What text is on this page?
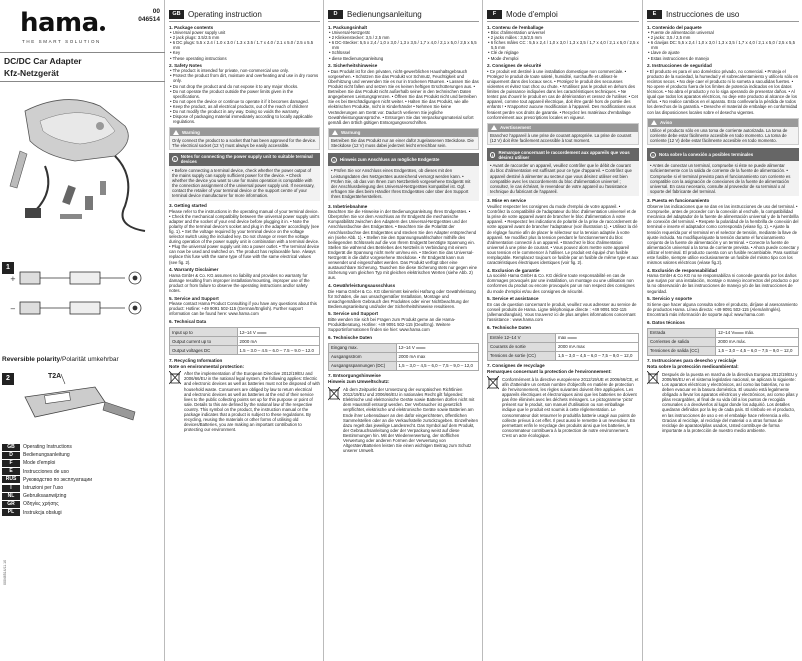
hama
THE SMART SOLUTION
00
046514
DC/DC Car Adapter
Kfz-Netzgerät
1
+
−
Reversible polarity/Polarität umkehrbar
2	T2A
GB	Operating Instructions
D	Bedienungsanleitung
F	Mode d'emploi
E	Instrucciones de uso
RUS	Руководство по эксплуатации
I	Istruzioni per l'uso
NL	Gebruiksaanwijzing
GR	Οδηγίες χρήσης
PL	Instrukcja obsługi
00046514/11.10
GB Operating instruction
1. Package contents
• Universal power supply unit
• 2 jack plugs: 3.5/2.5 mm
• 6 DC plugs: 5.5 x 2.4 / 1.0 x 3.0 / 1.3 x 3.5 / 1.7 x 4.0 / 2.1 x 5.0 / 2.5 x 5.5 mm
• Key
• These operating instructions
2. Safety Notes
• The product is intended for private, non-commercial use only.
• Protect the product from dirt, moisture and overheating and use in dry rooms only.
• Do not drop the product and do not expose it to any major shocks.
• Do not operate the product outside the power limits given in the specifications.
• Do not open the device or continue to operate it if it becomes damaged.
• Keep the product, as all electrical products, out of the reach of children!
• Do not modify the product in any way. Doing so voids the warranty.
• Dispose of packaging material immediately according to locally applicable regulations.
Warning
Only connect the product to a socket that has been approved for the device. The electrical socket (12 V) must always be easily accessible.
i
Notes for connecting the power supply unit to suitable terminal devices
• Before connecting a terminal device, check whether the power output of the mains supply can supply sufficient power for the device. • Check whether the device you want to use for mains operation is compatible with the connection assignment of the universal power supply unit. If necessary, contact the retailer of your terminal device or the support centre of your terminal device manufacturer for more information.
3. Getting started
Please refer to the instructions in the operating manual of your terminal device. • Check the mechanical compatibility between the universal power supply unit's adapter and the socket of your end device before plugging it in. • Note the polarity of the terminal device's socket and plug in the adapter accordingly (see fig. 1). • Set the voltage required by your terminal device on the voltage selector switch using the included key. Do not change or reset the voltage during operation of the power supply unit in combination with a terminal device. • Plug the universal power supply unit into a power outlet. • The terminal device can now be used and switched on. The product has replaceable fuse. Always replace this fuse with the same type of fuse with the same electrical values (see fig. 2).
4. Warranty Disclaimer
Hama GmbH & Co. KG assumes no liability and provides no warranty for damage resulting from improper installation/mounting, improper use of the product or from failure to observe the operating instructions and/or safety notes.
5. Service and Support
Please contact Hama Product Consulting if you have any questions about this product: Hotline: +49 9091 502-115 (German/English). Further support information can be found here: www.hama.com
6. Technical Data
Input up to	12–14 V ═══
Output current up to	2000 mA
Output voltages DC	1.5 – 3.0 – 4.5 – 6.0 – 7.5 – 9.0 – 12.0
7. Recycling Information
Note on environmental protection:
After the implementation of the European Directive 2012/19/EU and 2006/66/EU in the national legal system, the following applies: Electric and electronic devices as well as batteries must not be disposed of with household waste. Consumers are obliged by law to return electrical and electronic devices as well as batteries at the end of their service lives to the public collecting points set up for this purpose or point of sale. Details to this are defined by the national law of the respective country. This symbol on the product, the instruction manual or the package indicates that a product is subject to these regulations. By recycling, reusing the materials or other forms of utilising old devices/Batteries, you are making an important contribution to protecting our environment.
D	Bedienungsanleitung
1. Packungsinhalt
• Universal-Netzgerät
• 2 Klinkenstecker: 3,5 / 2,5 mm
• 6 DC-Stecker: 5,5 x 2,4 / 1,0 x 3,0 / 1,3 x 3,5 / 1,7 x 4,0 / 2,1 x 5,0 / 2,5 x 5,5 mm
• Schlüssel
• diese Bedienungsanleitung
2. Sicherheitshinweise
• Das Produkt ist für den privaten, nicht-gewerblichen Haushaltsgebrauch vorgesehen. • Schützen Sie das Produkt vor Schmutz, Feuchtigkeit und Überhitzung und verwenden Sie es nur in trockenen Räumen. • Lassen Sie das Produkt nicht fallen und setzen Sie es keinen heftigen Erschütterungen aus. • Betreiben Sie das Produkt nicht außerhalb seiner in den technischen Daten angegebenen Leistungsgrenzen. • Öffnen Sie das Produkt nicht und betreiben Sie es bei Beschädigungen nicht weiter. • Halten Sie das Produkt, wie alle elektrischen Produkte, nicht in Kinderhände! • Nehmen Sie keine Veränderungen am Gerät vor. Dadurch verlieren Sie jegliche Gewährleistungsansprüche. • Entsorgen Sie das Verpackungsmaterial sofort gemäß den örtlich gültigen Entsorgungsvorschriften.
Warnung
Betreiben Sie das Produkt nur an einer dafür zugelassenen Steckdose. Die Steckdose (12 V) muss dabei jederzeit leicht erreichbar sein.
i	Hinweis zum Anschluss an mögliche Endgeräte
• Prüfen Sie vor Anschluss eines Endgerätes, ob dieses mit den Leistungsdaten des Netzgerätes ausreichend versorgt werden kann. • Prüfen Sie, ob das von Ihnen zum Netzbetrieb vorgesehene Endgerät mit der Anschlussbelegung des Universal-Netzgerätes kompatibel ist. Ggf. erfragen Sie dies beim Händler Ihres Endgerätes oder über den Support Ihres Endgeräteherstellers.
3. Inbetriebnahme
Beachten Sie die Hinweise in der Bedienungsanleitung Ihres Endgerätes. • Überprüfen Sie vor dem Anschluss an Ihr Endgerät die mechanische Kompatibilität zwischen den Adaptern des Universal-Netzgerätes und der Anschlussbuchse des Endgerätes. • Beachten Sie die Polarität der Anschlussbuchse des Endgerätes und stecken Sie den Adapter entsprechend ein (siehe Abb. 1). • Stellen Sie den Spannungswahlschalter mithilfe des beiliegenden Schlüssels auf die von Ihrem Endgerät benötigte Spannung ein. Stellen Sie während des Betriebes des Netzteils in Verbindung mit einem Endgerät die Spannung nicht mehr um/neu ein. • Stecken Sie das Universal-Netzgerät in die dafür vorgesehene Steckdose. • Ihr Endgerät kann nun verwendet und eingeschaltet werden. Das Produkt verfügt über eine austauschbare Sicherung. Tauschen Sie diese Sicherung stets nur gegen eine Sicherung vom gleichen Typ mit gleichen elektrischen Werten (siehe Abb. 2) aus.
4. Gewährleistungsausschluss
Die Hama GmbH & Co. KG übernimmt keinerlei Haftung oder Gewährleistung für Schäden, die aus unsachgemäßer Installation, Montage und unsachgemäßem Gebrauch des Produktes oder einer Nichtbeachtung der Bedienungsanleitung und/oder der Sicherheitshinweise resultieren.
5. Service und Support
Bitte wenden Sie sich bei Fragen zum Produkt gerne an die Hama-Produktberatung. Hotline: +49 9091 502-115 (Deu/Eng). Weitere Supportinformationen finden sie hier: www.hama.com
6. Technische Daten
Eingang max.	12–14 V ═══
Ausgangsstrom	2000 mA max
Ausgangsspannungen (DC)	1,5 – 3,0 – 4,5 – 6,0 – 7,5 – 9,0 – 12,0
7. Entsorgungshinweise
Hinweis zum Umweltschutz:
Ab dem Zeitpunkt der Umsetzung der europäischen Richtlinien 2012/19/EU und 2006/66/EU in nationales Recht gilt folgendes: Elektrische und elektronische Geräte sowie Batterien dürfen nicht mit dem Hausmüll entsorgt werden. Der Verbraucher ist gesetzlich verpflichtet, elektrische und elektronische Geräte sowie Batterien am Ende ihrer Lebensdauer an den dafür eingerichteten, öffentlichen Sammelstellen oder an die Verkaufsstelle zurückzugeben. Einzelheiten dazu regelt das jeweilige Landesrecht. Das Symbol auf dem Produkt, der Gebrauchsanleitung oder der Verpackung weist auf diese Bestimmungen hin. Mit der Wiederverwertung, der stofflichen Verwertung oder anderen Formen der Verwertung von Altgeräten/Batterien leisten Sie einen wichtigen Beitrag zum Schutz unserer Umwelt.
F	Mode d'emploi
1. Contenu de l'emballage
• Bloc d'alimentation universel
• 2 jacks mâles : 3,5/2,5 mm
• 6 fiches mâles CC : 5,5 x 2,4 / 1,0 x 3,0 / 1,3 x 3,5 / 1,7 x 4,0 / 2,1 x 5,0 / 2,5 x 5,5 mm
• Clé de réglage
• Mode d'emploi
2. Consignes de sécurité
• Ce produit est destiné à une installation domestique non commerciale. • Protégez le produit de toute saleté, humidité, surchauffe et utilisez-le uniquement dans des locaux secs. • Protégez le produit des secousses violentes et évitez tout choc ou chute. • N'utilisez pas le produit en dehors des limites de puissance indiquées dans les caractéristiques techniques. • Ne tentez pas d'ouvrir le produit en cas de détérioration et cessez de l'utiliser. • Cet appareil, comme tout appareil électrique, doit être gardé hors de portée des enfants ! • N'apportez aucune modification à l'appareil. Des modifications vous feraient perdre vos droits de garantie. • Recyclez les matériaux d'emballage conformément aux prescriptions locales en vigueur.
Avertissement
Branchez l'appareil à une prise de courant appropriée. La prise de courant (12 V) doit être facilement accessible à tout moment.
i
Remarque concernant le raccordement aux appareils que vous désirez utiliser
• Avant de raccorder un appareil, veuillez contrôler que le débit de courant du bloc d'alimentation est suffisant pour ce type d'appareil. • Contrôlez que appareil destiné à alimenter au secteur que vous désirez utiliser est bien compatible avec les raccordements du bloc d'alimentation universel ; consultez, le cas échéant, le revendeur de votre appareil ou l'assistance technique du fabricant de l'appareil.
3. Mise en service
Veuillez respecter les consignes du mode d'emploi de votre appareil. • Contrôlez la compatibilité de l'adaptateur du bloc d'alimentation universel et de la prise de votre appareil avant de brancher le bloc d'alimentation à votre appareil. • Respectez les indications de polarité de la prise de raccordement de votre appareil avant de brancher l'adaptateur (voir illustration 1). • Utilisez la clé de réglage fournie afin de placer le sélecteur sur la tension adaptée à votre appareil. Ne modifiez plus la tension pendant le fonctionnement du bloc d'alimentation connecté à un appareil. • Branchez le bloc d'alimentation universel à une prise de courant. • Vous pouvez alors mettre votre appareil sous tension et le commencer à l'utiliser. Le produit est équipé d'un fusible remplaçable. Remplacez toujours ce fusible par un fusible de même type et aux caractéristiques électriques identiques (voir fig. 2).
4. Exclusion de garantie
La société Hama GmbH & Co. KG décline toute responsabilité en cas de dommages provoqués par une installation, un montage ou une utilisation non conformes du produit ou encore provoqués par un non respect des consignes du mode d'emploi et/ou des consignes de sécurité.
5. Service et assistance
En cas de question concernant le produit, veuillez vous adresser au service de conseil produits de Hama. Ligne téléphonique directe : +49 9091 502-115 (allemand/anglais). Vous trouverez ici de plus amples informations concernant l'assistance : www.hama.com
6. Technische Daten
Entrée 12–14 V	max ═══
Courants de sortie	2000 mA max
Tensions de sortie (CC)	1,5 – 3,0 – 4,5 – 6,0 – 7,5 – 9,0 – 12,0
7. Consignes de recyclage
Remarques concernant la protection de l'environnement:
Conformément à la directive européenne 2012/19/UE et 2006/66/CE, et afin d'atteindre un certain nombre d'objectifs en matière de protection de l'environnement, les règles suivantes doivent être appliquées. Les appareils électriques et électroniques ainsi que les batteries ne doivent pas être éliminés avec les déchets ménagers. Le pictogramme 'picto' présent sur le produit, son manuel d'utilisation ou son emballage indique que le produit est soumis à cette réglementation. Le consommateur doit retourner le produit/la batterie usagé aux points de collecte prévus à cet effet. Il peut aussi le remettre à un revendeur. En permettant enfin le recyclage des produits ainsi que les batteries, le consommateur contribuera à la protection de notre environnement. C'est un acte écologique.
E	Instrucciones de uso
1. Contenido del paquete
• Fuente de alimentación universal
• 2 jacks: 3,5 / 2,5 mm
• 6 clavijas DC: 5,5 x 2,4 / 1,0 x 3,0 / 1,3 x 3,5 / 1,7 x 4,0 / 2,1 x 5,0 / 2,5 x 5,5 mm
• Llave de ajuste
• Estas instrucciones de manejo
2. Instrucciones de seguridad
• El producto es para el uso doméstico privado, no comercial. • Proteja el producto de la suciedad, la humedad y el sobrecalentamiento y utilícelo sólo en recintos secos. • No deje caer el producto ni lo someta a sacudidas fuertes. • No opere el producto fuera de los límites de potencia indicados en los datos técnicos. • No abra el producto y no lo siga operando de presentar daños. • Al igual que todos los aparatos eléctricos, no deje este producto al alcance de los niños. • No realice cambios en el aparato. Esto conllevaría la pérdida de todos los derechos de la garantía. • Deseche el material de embalaje en conformidad con las disposiciones locales sobre el desecho vigentes.
Aviso
Utilice el producto sólo en una toma de corriente autorizada. La toma de corriente debe estar fácilmente accesible en todo momento. La toma de corriente (12 V) debe estar fácilmente accesible en todo momento.
i	Nota sobre la conexión a posibles terminales
• Antes de conectar un terminal, compruebe si éste se puede alimentar suficientemente con la salida de corriente de la fuente de alimentación. • Compruebe si el terminal previsto para el funcionamiento con corriente es compatible con la asignación de conexiones de la fuente de alimentación universal. En caso necesario, consulte al proveedor de su terminal o al soporte del fabricante del terminal.
3. Puesta en funcionamiento
Observe las indicaciones que se dan en las instrucciones de uso del terminal. • Compruebe, antes de proceder con la conexión al enchufe, la compatibilidad mecánica del adaptador de la fuente de alimentación universal y de la hembrilla de conexión del terminal. • Respete la polaridad de la hembrilla de conexión del terminal e inserte el adaptador como corresponda (véase fig. 1). • Ajuste la tensión requerida por el terminal en el selector de tensión, mediante la llave de ajuste incluida. No modifique/ajuste la tensión durante el funcionamiento conjunto de la fuente de alimentación y un terminal. • Conecte la fuente de alimentación universal a la toma de corriente prevista. • Ahora puede conectar y utilizar el terminal. El producto cuenta con un fusible recambiable. Para sustituir este fusible, siempre utilice exclusivamente un fusible del mismo tipo con los mismos valores eléctricos (véase fig.2).
4. Exclusión de responsabilidad
Hama GmbH & Co KG no se responsabiliza ni concede garantía por los daños que surjan por una instalación, montaje o manejo incorrectos del producto o por la no observación de las instrucciones de manejo y/o de las instrucciones de seguridad.
5. Servicio y soporte
Si tiene que hacer alguna consulta sobre el producto, diríjase al asesoramiento de productos Hama. Línea directa: +49 9091 502-115 (Alemán/Inglés). Encontrará más información de soporte aquí: www.hama.com
6. Datos técnicos
Entrada	12–14 V═══ máx.
Corrientes de salida	2000 mA máx.
Tensiones de salida (CC)	1,5 – 3,0 – 4,5 – 6,0 – 7,5 – 9,0 – 12,0
7. Instrucciones para desecho y reciclaje
Nota sobre la protección medioambiental:
Después de la puesta en marcha de la directiva Europea 2012/19/EU y 2006/66/EU en el sistema legislativo nacional, se aplicara lo siguiente: Los aparatos eléctricos y electrónicos, así como las baterías, no se deben evacuar en la basura doméstica. El usuario está legalmente obligado a llevar los aparatos eléctricos y electrónicos, así como pilas y pilas recargables, al final de su vida útil a los puntos de recogida comunales o a devolverlos al lugar donde los adquirió. Los detalles quedaran definidos por la ley de cada país. El símbolo en el producto, en las instrucciones de uso o en el embalaje hace referencia a ello. Gracias al reciclaje, al reciclaje del material o a otras formas de reciclaje de aparatos/pilas usados, Usted contribuye de forma importante a la protección de nuestro medio ambiente.
